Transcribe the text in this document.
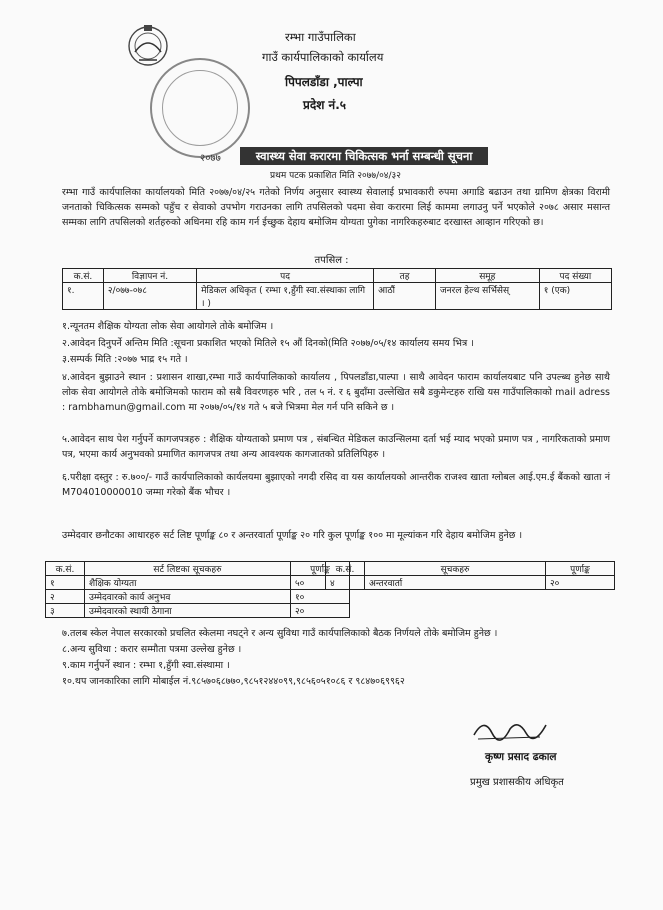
२०७७
रम्भा गाउँपालिका
गाउँ कार्यपालिकाको कार्यालय
पिपलडाँडा ,पाल्पा
प्रदेश नं.५
स्वास्थ्य सेवा करारमा चिकित्सक भर्ना सम्बन्धी सूचना
प्रथम पटक प्रकाशित मिति २०७७/०४/३२
रम्भा गाउँ कार्यपालिका कार्यालयको मिति २०७७/०४/२५ गतेको निर्णय अनुसार स्वास्थ्य सेवालाई प्रभावकारी रुपमा अगाडि बढाउन तथा ग्रामिण क्षेत्रका विरामी जनताको चिकित्सक सम्मको पहुँच र सेवाको उपभोग गराउनका लागि तपसिलको पदमा सेवा करारमा लिई काममा लगाउनु पर्ने भएकोले २०७८ असार मसान्त सम्मका लागि तपसिलको शर्तहरुको अधिनमा रहि काम गर्न ईच्छुक देहाय बमोजिम योग्यता पुगेका नागरिकहरुबाट दरखास्त आव्हान गरिएको छ।
तपसिल :
क.सं.	विज्ञापन नं.	पद	तह	समूह	पद संख्या
१.	२/०७७-०७८	मेडिकल अधिकृत ( रम्भा १,हुँगी स्वा.संस्थाका लागि । )	आठौं	जनरल हेल्थ सर्भिसेस्	१ (एक)
१.न्यूनतम शैक्षिक योग्यता लोक सेवा आयोगले तोके बमोजिम ।
२.आवेदन दिनुपर्ने अन्तिम मिति :सूचना प्रकाशित भएको मितिले १५ औं दिनको(मिति २०७७/०५/१४ कार्यालय समय भित्र ।
३.सम्पर्क मिति :२०७७ भाद्र १५ गते ।
४.आवेदन बुझाउने स्थान : प्रशासन शाखा,रम्भा गाउँ कार्यपालिकाको कार्यालय , पिपलडाँडा,पाल्पा । साथै आवेदन फाराम कार्यालयबाट पनि उपल्ब्ध हुनेछ साथै लोक सेवा आयोगले तोके बमोजिमको फाराम को सबै विवरणहरु भरि , तल ५ नं. र ६ बुदाँमा उल्लेखित सबै डकुमेन्टहरु राखि यस गाउँपालिकाको mail adress : rambhamun@gmail.com मा २०७७/०५/१४ गते ५ बजे भित्रमा मेल गर्न पनि सकिने छ ।
५.आवेदन साथ पेश गर्नुपर्ने कागजपत्रहरु : शैक्षिक योग्यताको प्रमाण पत्र , संबन्धित मेडिकल काउन्सिलमा दर्ता भई म्याद भएको प्रमाण पत्र , नागरिकताको प्रमाण पत्र, भएमा कार्य अनुभवको प्रमाणित कागजपत्र तथा अन्य आवश्यक कागजातको प्रतिलिपिहरु ।
६.परीक्षा दस्तुर : रु.७००/- गाउँ कार्यपालिकाको कार्यलयमा बुझाएको नगदी रसिद वा यस कार्यालयको आन्तरीक राजश्व खाता ग्लोबल आई.एम.ई बैंकको खाता नं M704010000010 जम्मा गरेको बैंक भौचर ।
उम्मेदवार छनौटका आधारहरु सर्ट लिष्ट पूर्णाङ्क ८० र अन्तरवार्ता पूर्णाङ्क २० गरि कुल पूर्णाङ्क १०० मा मूल्यांकन गरि देहाय बमोजिम हुनेछ ।
क.सं.	सर्ट लिष्टका सूचकहरु	पूर्णाङ्क
१	शैक्षिक योग्यता	५०
२	उम्मेदवारको कार्य अनुभव	१०
३	उम्मेदवारको स्थायी ठेगाना	२०
क.सं.	सूचकहरु	पूर्णाङ्क
४	अन्तरवार्ता	२०
७.तलब स्केल नेपाल सरकारको प्रचलित स्केलमा नघट्ने र अन्य सुविधा गाउँ कार्यपालिकाको बैठक निर्णयले तोके बमोजिम हुनेछ ।
८.अन्य सुविधा : करार सम्मौता पत्रमा उल्लेख हुनेछ ।
९.काम गर्नुपर्ने स्थान : रम्भा १,हुँगी स्वा.संस्थामा ।
१०.थप जानकारिका लागि मोबाईल नं.९८५७०६८७७०,९८५१२४४०९९,९८५६०५१०८६ र ९८४७०६९९६२
कृष्ण प्रसाद ढकाल
प्रमुख प्रशासकीय अधिकृत
